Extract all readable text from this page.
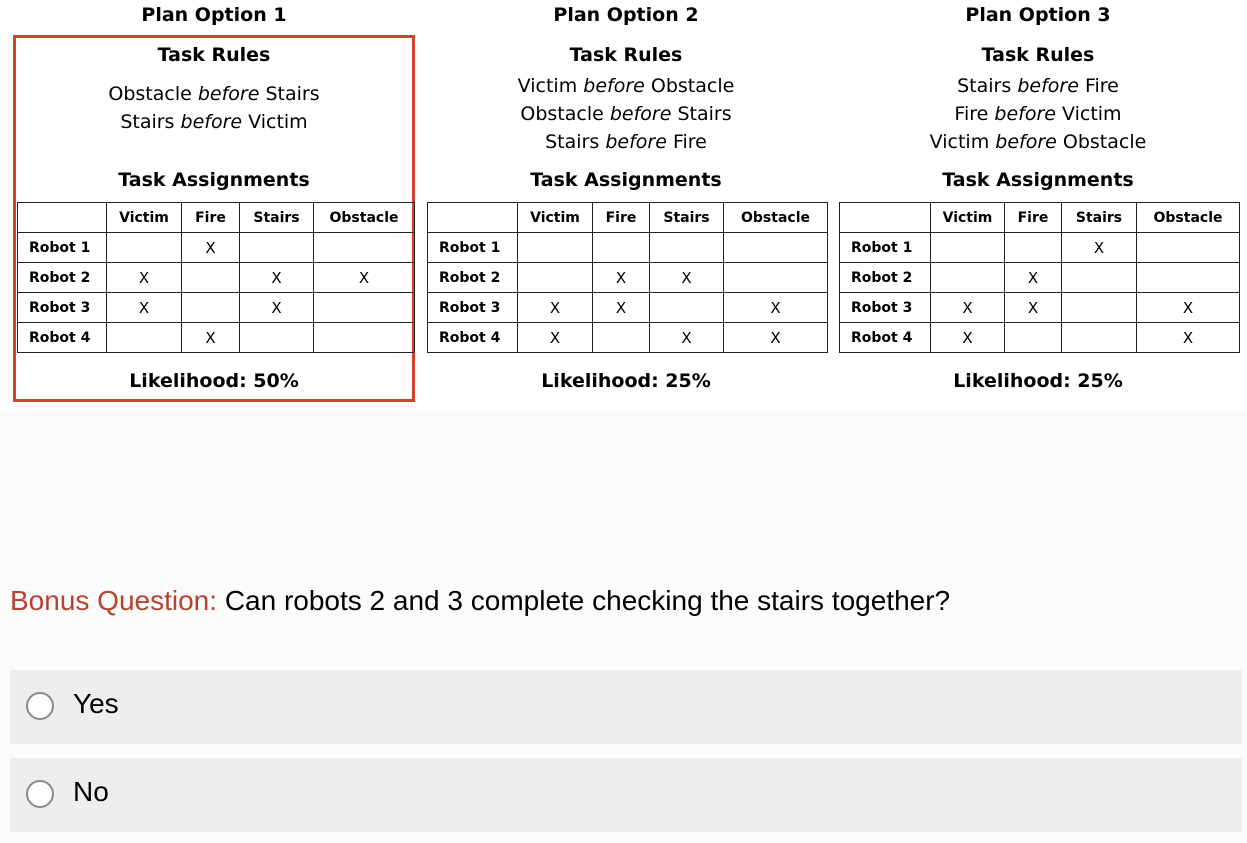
Plan Option 1
Task Rules
Obstacle before Stairs
Stairs before Victim
Task Assignments
	Victim	Fire	Stairs	Obstacle
Robot 1		X		
Robot 2	X		X	X
Robot 3	X		X	
Robot 4		X		
Likelihood: 50%
Plan Option 2
Task Rules
Victim before Obstacle
Obstacle before Stairs
Stairs before Fire
Task Assignments
	Victim	Fire	Stairs	Obstacle
Robot 1				
Robot 2		X	X	
Robot 3	X	X		X
Robot 4	X		X	X
Likelihood: 25%
Plan Option 3
Task Rules
Stairs before Fire
Fire before Victim
Victim before Obstacle
Task Assignments
	Victim	Fire	Stairs	Obstacle
Robot 1			X	
Robot 2		X		
Robot 3	X	X		X
Robot 4	X			X
Likelihood: 25%
Bonus Question: Can robots 2 and 3 complete checking the stairs together?
Yes
No
